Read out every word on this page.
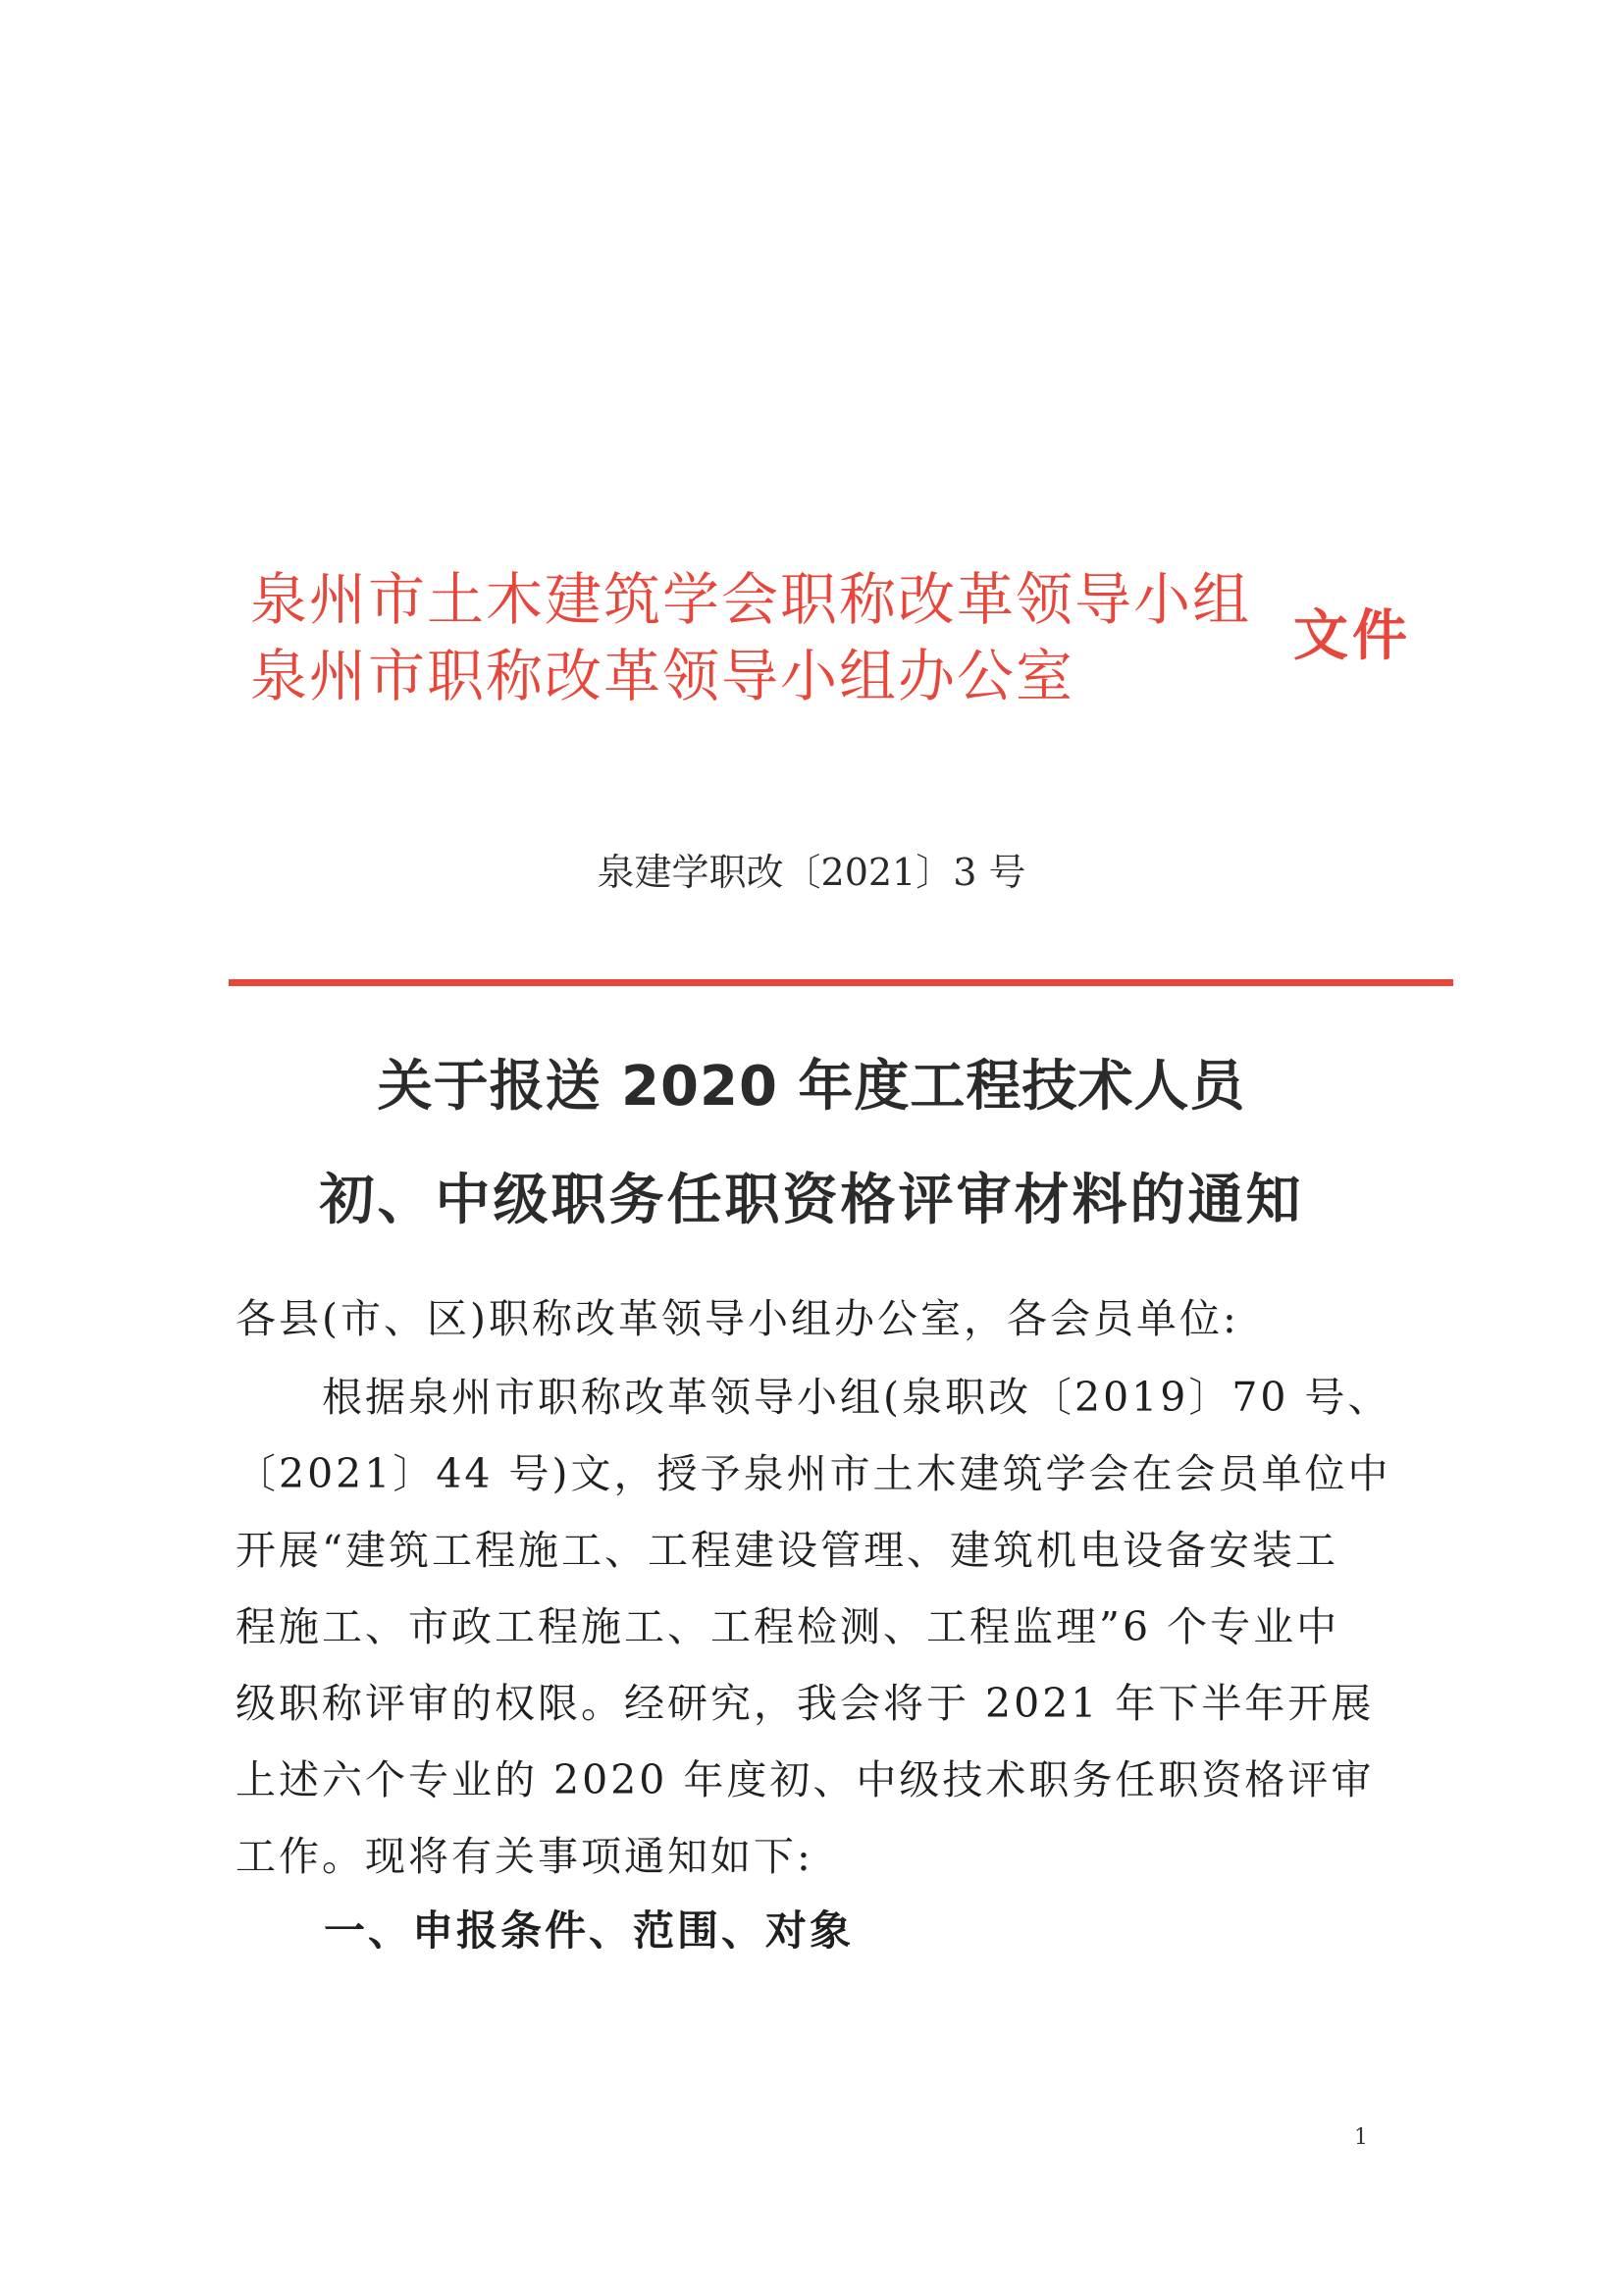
泉州市土木建筑学会职称改革领导小组
泉州市职称改革领导小组办公室
文件
泉建学职改〔2021〕3 号
关于报送 2020 年度工程技术人员
初、中级职务任职资格评审材料的通知
各县(市、区)职称改革领导小组办公室，各会员单位:
　　根据泉州市职称改革领导小组(泉职改〔2019〕70 号、
〔2021〕44 号)文，授予泉州市土木建筑学会在会员单位中
开展“建筑工程施工、工程建设管理、建筑机电设备安装工
程施工、市政工程施工、工程检测、工程监理”6 个专业中
级职称评审的权限。经研究，我会将于 2021 年下半年开展
上述六个专业的 2020 年度初、中级技术职务任职资格评审
工作。现将有关事项通知如下:
一、申报条件、范围、对象
1
